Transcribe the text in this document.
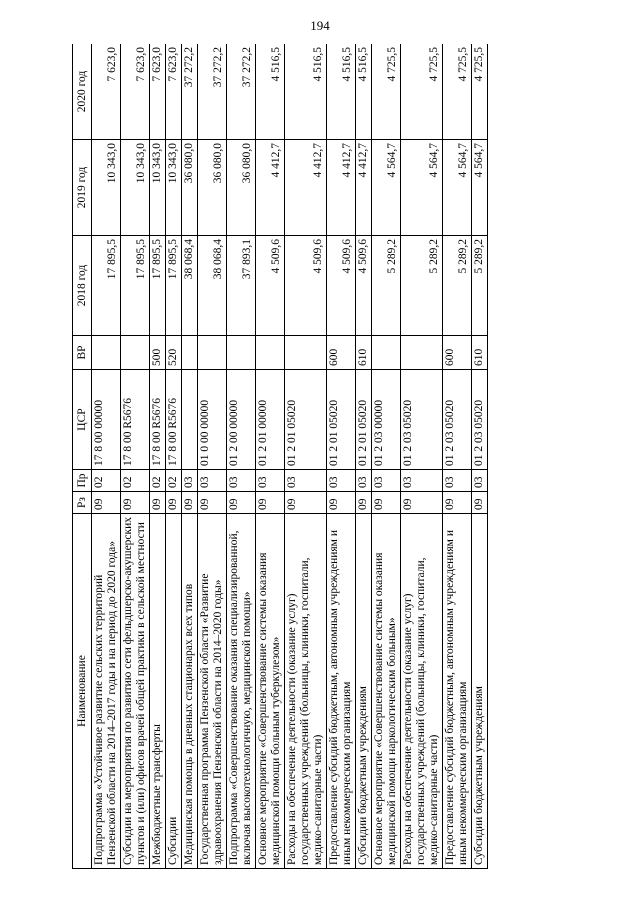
194
Наименование	Рз	Пр	ЦСР	ВР	2018 год	2019 год	2020 год
Подпрограмма «Устойчивое развитие сельских территорий Пензенской области на 2014–2017 годы и на период до 2020 года»	09	02	17 8 00 00000		17 895,5	10 343,0	7 623,0
Субсидии на мероприятия по развитию сети фельдшерско-акушерских пунктов и (или) офисов врачей общей практики в сельской местности	09	02	17 8 00 R5676		17 895,5	10 343,0	7 623,0
Межбюджетные трансферты	09	02	17 8 00 R5676	500	17 895,5	10 343,0	7 623,0
Субсидии	09	02	17 8 00 R5676	520	17 895,5	10 343,0	7 623,0
Медицинская помощь в дневных стационарах всех типов	09	03			38 068,4	36 080,0	37 272,2
Государственная программа Пензенской области «Развитие здравоохранения Пензенской области на 2014–2020 годы»	09	03	01 0 00 00000		38 068,4	36 080,0	37 272,2
Подпрограмма «Совершенствование оказания специализированной, включая высокотехнологичную, медицинской помощи»	09	03	01 2 00 00000		37 893,1	36 080,0	37 272,2
Основное мероприятие «Совершенствование системы оказания медицинской помощи больным туберкулезом»	09	03	01 2 01 00000		4 509,6	4 412,7	4 516,5
Расходы на обеспечение деятельности (оказание услуг) государственных учреждений (больницы, клиники, госпитали, медико-санитарные части)	09	03	01 2 01 05020		4 509,6	4 412,7	4 516,5
Предоставление субсидий бюджетным, автономным учреждениям и иным некоммерческим организациям	09	03	01 2 01 05020	600	4 509,6	4 412,7	4 516,5
Субсидии бюджетным учреждениям	09	03	01 2 01 05020	610	4 509,6	4 412,7	4 516,5
Основное мероприятие «Совершенствование системы оказания медицинской помощи наркологическим больным»	09	03	01 2 03 00000		5 289,2	4 564,7	4 725,5
Расходы на обеспечение деятельности (оказание услуг) государственных учреждений (больницы, клиники, госпитали, медико-санитарные части)	09	03	01 2 03 05020		5 289,2	4 564,7	4 725,5
Предоставление субсидий бюджетным, автономным учреждениям и иным некоммерческим организациям	09	03	01 2 03 05020	600	5 289,2	4 564,7	4 725,5
Субсидии бюджетным учреждениям	09	03	01 2 03 05020	610	5 289,2	4 564,7	4 725,5
